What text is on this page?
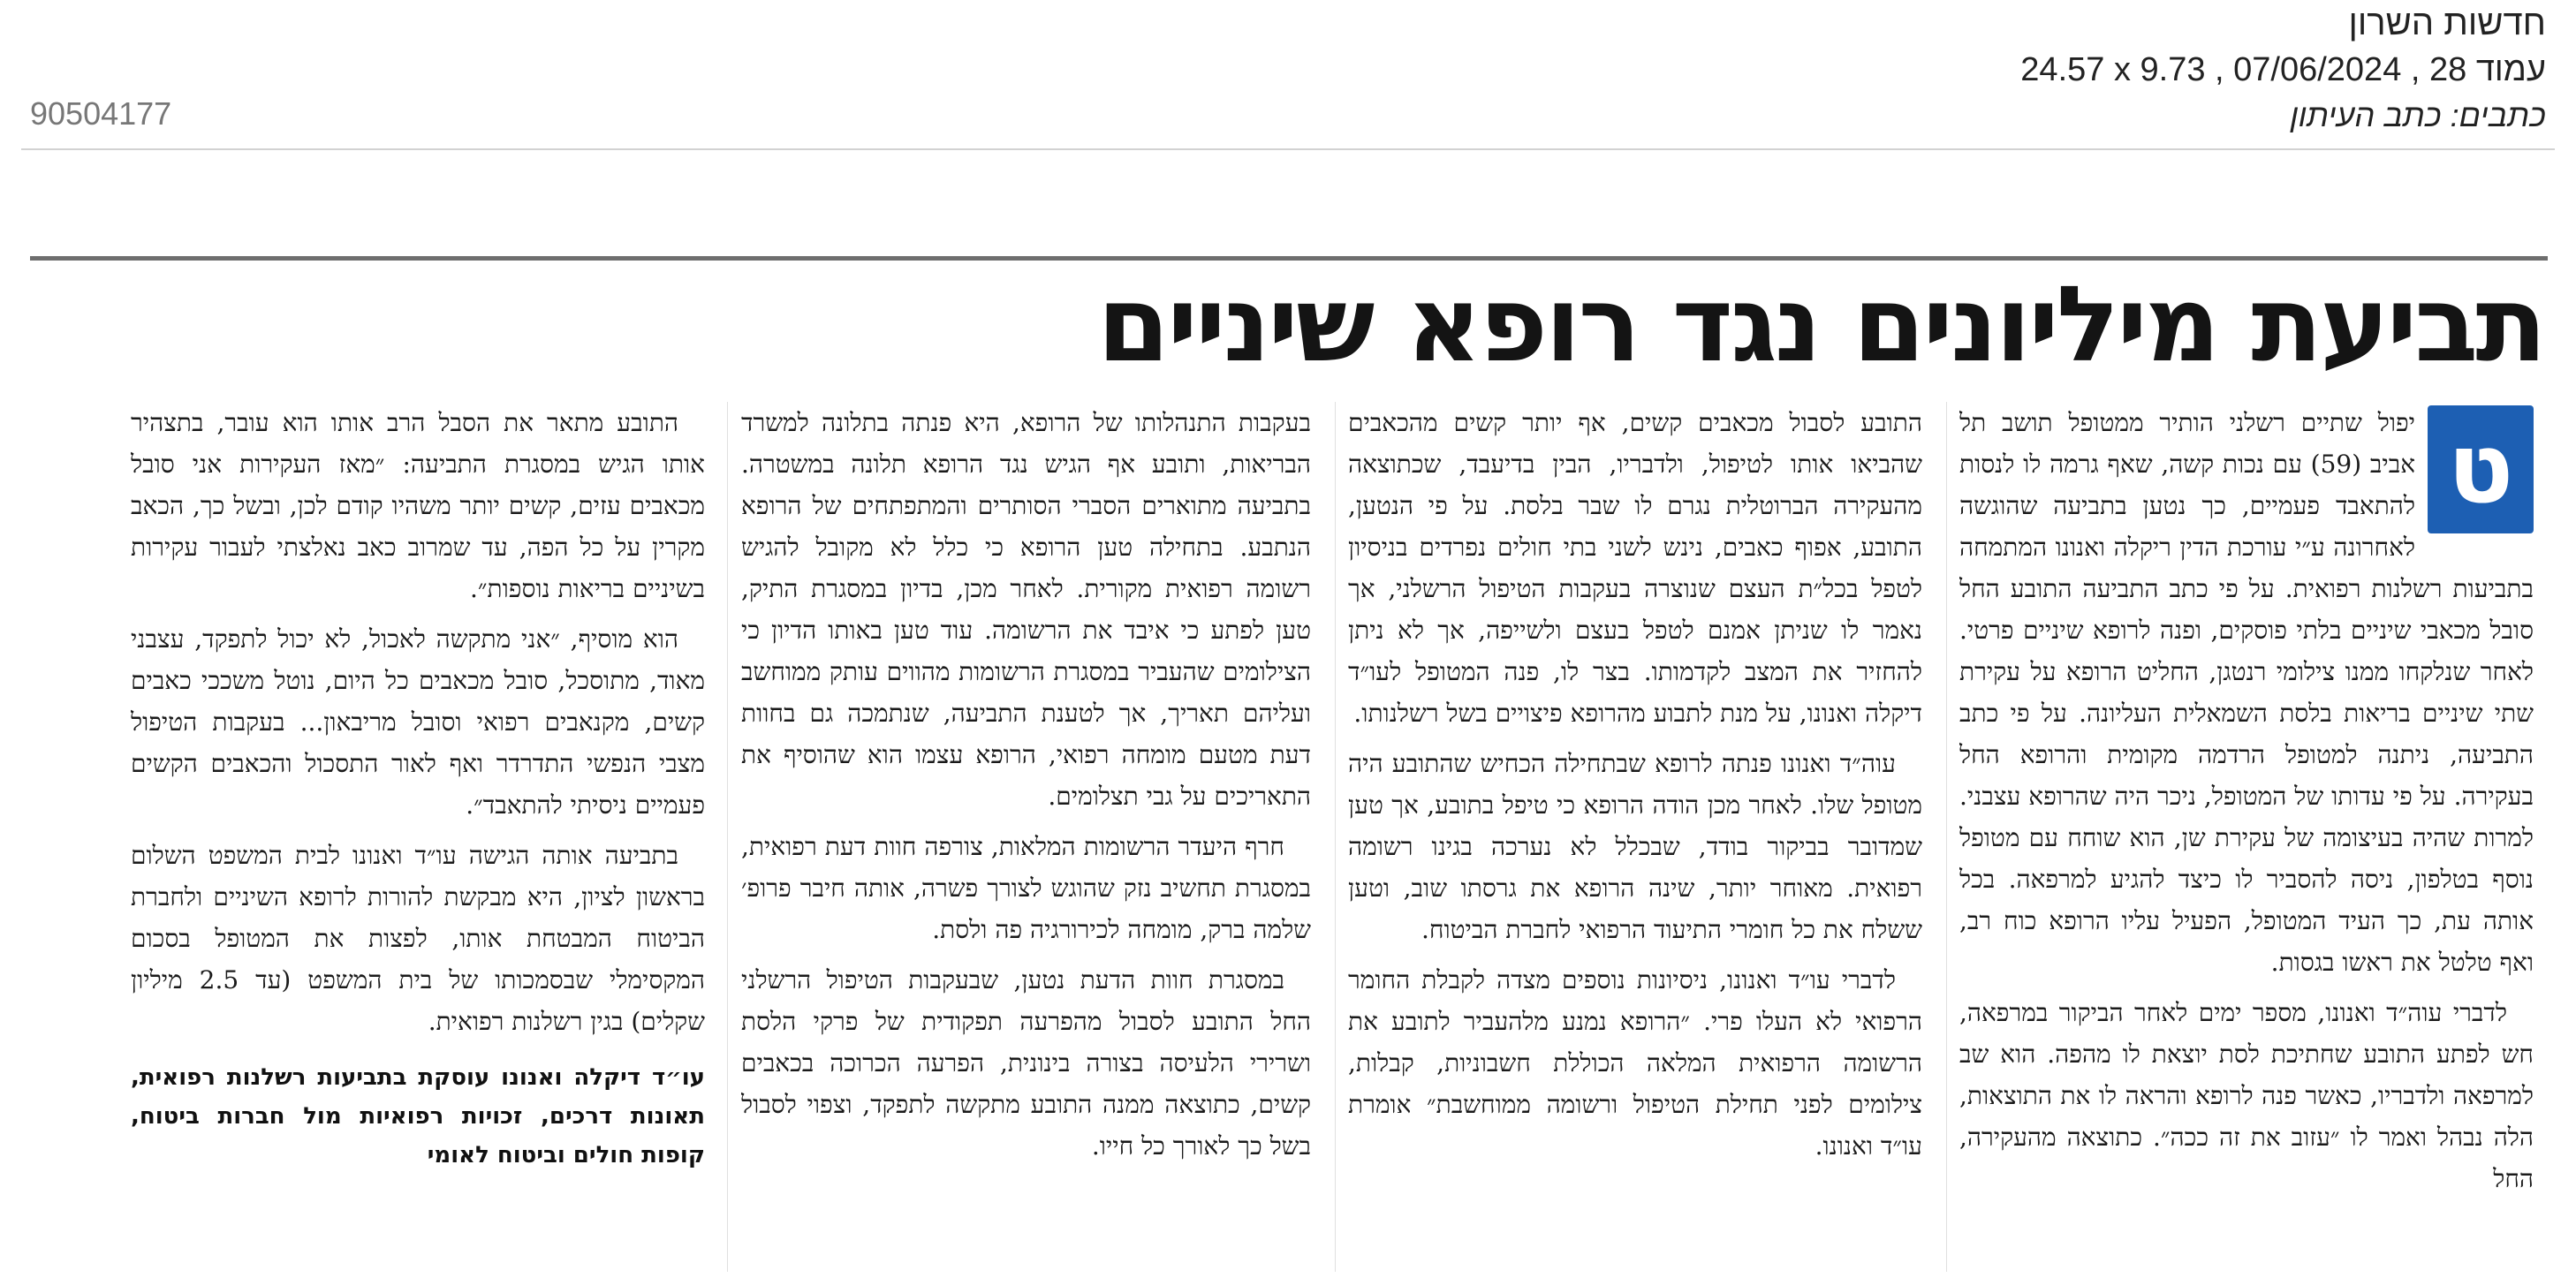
חדשות השרון
24.57 x 9.73 , 07/06/2024 , עמוד 28
כתבים: כתב העיתון
90504177
תביעת מיליונים נגד רופא שיניים
ט

יפול שתיים רשלני הותיר ממטופל תושב תל אביב (59) עם נכות קשה, שאף גרמה לו לנסות להתאבד פעמיים, כך נטען בתביעה שהוגשה לאחרונה ע״י עורכת הדין ריקלה ואנונו המתמחה בתביעות רשלנות רפואית. על פי כתב התביעה התובע החל סובל מכאבי שיניים בלתי פוסקים, ופנה לרופא שיניים פרטי. לאחר שנלקחו ממנו צילומי רנטגן, החליט הרופא על עקירת שתי שיניים בריאות בלסת השמאלית העליונה. על פי כתב התביעה, ניתנה למטופל הרדמה מקומית והרופא החל בעקירה. על פי עדותו של המטופל, ניכר היה שהרופא עצבני. למרות שהיה בעיצומה של עקירת שן, הוא שוחח עם מטופל נוסף בטלפון, ניסה להסביר לו כיצד להגיע למרפאה. בכל אותה עת, כך העיד המטופל, הפעיל עליו הרופא כוח רב, ואף טלטל את ראשו בגסות.

לדברי עוה״ד ואנונו, מספר ימים לאחר הביקור במרפאה, חש לפתע התובע שחתיכת לסת יוצאת לו מהפה. הוא שב למרפאה ולדבריו, כאשר פנה לרופא והראה לו את התוצאות, הלה נבהל ואמר לו ״עזוב את זה ככה״. כתוצאה מהעקירה, החל

התובע לסבול מכאבים קשים, אף יותר קשים מהכאבים שהביאו אותו לטיפול, ולדבריו, הבין בדיעבד, שכתוצאה מהעקירה הברוטלית נגרם לו שבר בלסת. על פי הנטען, התובע, אפוף כאבים, נינש לשני בתי חולים נפרדים בניסיון לטפל בכל״ת העצם שנוצרה בעקבות הטיפול הרשלני, אך נאמר לו שניתן אמנם לטפל בעצם ולשייפה, אך לא ניתן להחזיר את המצב לקדמותו. בצר לו, פנה המטופל לעו״ד דיקלה ואנונו, על מנת לתבוע מהרופא פיצויים בשל רשלנותו.

עוה״ד ואנונו פנתה לרופא שבתחילה הכחיש שהתובע היה מטופל שלו. לאחר מכן הודה הרופא כי טיפל בתובע, אך טען שמדובר בביקור בודד, שבכלל לא נערכה בגינו רשומה רפואית. מאוחר יותר, שינה הרופא את גרסתו שוב, וטען ששלח את כל חומרי התיעוד הרפואי לחברת הביטוח.

לדברי עו״ד ואנונו, ניסיונות נוספים מצדה לקבלת החומר הרפואי לא העלו פרי. ״הרופא נמנע מלהעביר לתובע את הרשומה הרפואית המלאה הכוללת חשבוניות, קבלות, צילומים לפני תחילת הטיפול ורשומה ממוחשבת״ אומרת עו״ד ואנונו.

בעקבות התנהלותו של הרופא, היא פנתה בתלונה למשרד הבריאות, ותובע אף הגיש נגד הרופא תלונה במשטרה. בתביעה מתוארים הסברי הסותרים והמתפתחים של הרופא הנתבע. בתחילה טען הרופא כי כלל לא מקובל להגיש רשומה רפואית מקורית. לאחר מכן, בדיון במסגרת התיק, טען לפתע כי איבד את הרשומה. עוד טען באותו הדיון כי הצילומים שהעביר במסגרת הרשומות מהווים עותק ממוחשב ועליהם תאריך, אך לטענת התביעה, שנתמכה גם בחוות דעת מטעם מומחה רפואי, הרופא עצמו הוא שהוסיף את התאריכים על גבי תצלומים.

חרף היעדר הרשומות המלאות, צורפה חוות דעת רפואית, במסגרת תחשיב נזק שהוגש לצורך פשרה, אותה חיבר פרופ׳ שלמה ברק, מומחה לכירורגיה פה ולסת.

במסגרת חוות הדעת נטען, שבעקבות הטיפול הרשלני החל התובע לסבול מהפרעה תפקודית של פרקי הלסת ושרירי הלעיסה בצורה בינונית, הפרעה הכרוכה בכאבים קשים, כתוצאה ממנה התובע מתקשה לתפקד, וצפוי לסבול בשל כך לאורך כל חייו.

התובע מתאר את הסבל הרב אותו הוא עובר, בתצהיר אותו הגיש במסגרת התביעה: ״מאז העקירות אני סובל מכאבים עזים, קשים יותר משהיו קודם לכן, ובשל כך, הכאב מקרין על כל הפה, עד שמרוב כאב נאלצתי לעבור עקירות בשיניים בריאות נוספות״.

הוא מוסיף, ״אני מתקשה לאכול, לא יכול לתפקד, עצבני מאוד, מתוסכל, סובל מכאבים כל היום, נוטל משככי כאבים קשים, מקנאבים רפואי וסובל מריבאון... בעקבות הטיפול מצבי הנפשי התדרדר ואף לאור התסכול והכאבים הקשים פעמיים ניסיתי להתאבד״.

בתביעה אותה הגישה עו״ד ואנונו לבית המשפט השלום בראשון לציון, היא מבקשת להורות לרופא השיניים ולחברת הביטוח המבטחת אותו, לפצות את המטופל בסכום המקסימלי שבסמכותו של בית המשפט (עד 2.5 מיליון שקלים) בגין רשלנות רפואית.

עו״ד דיקלה ואנונו עוסקת בתביעות רשלנות רפואית, תאונות דרכים, זכויות רפואיות מול חברות ביטוח, קופות חולים וביטוח לאומי
